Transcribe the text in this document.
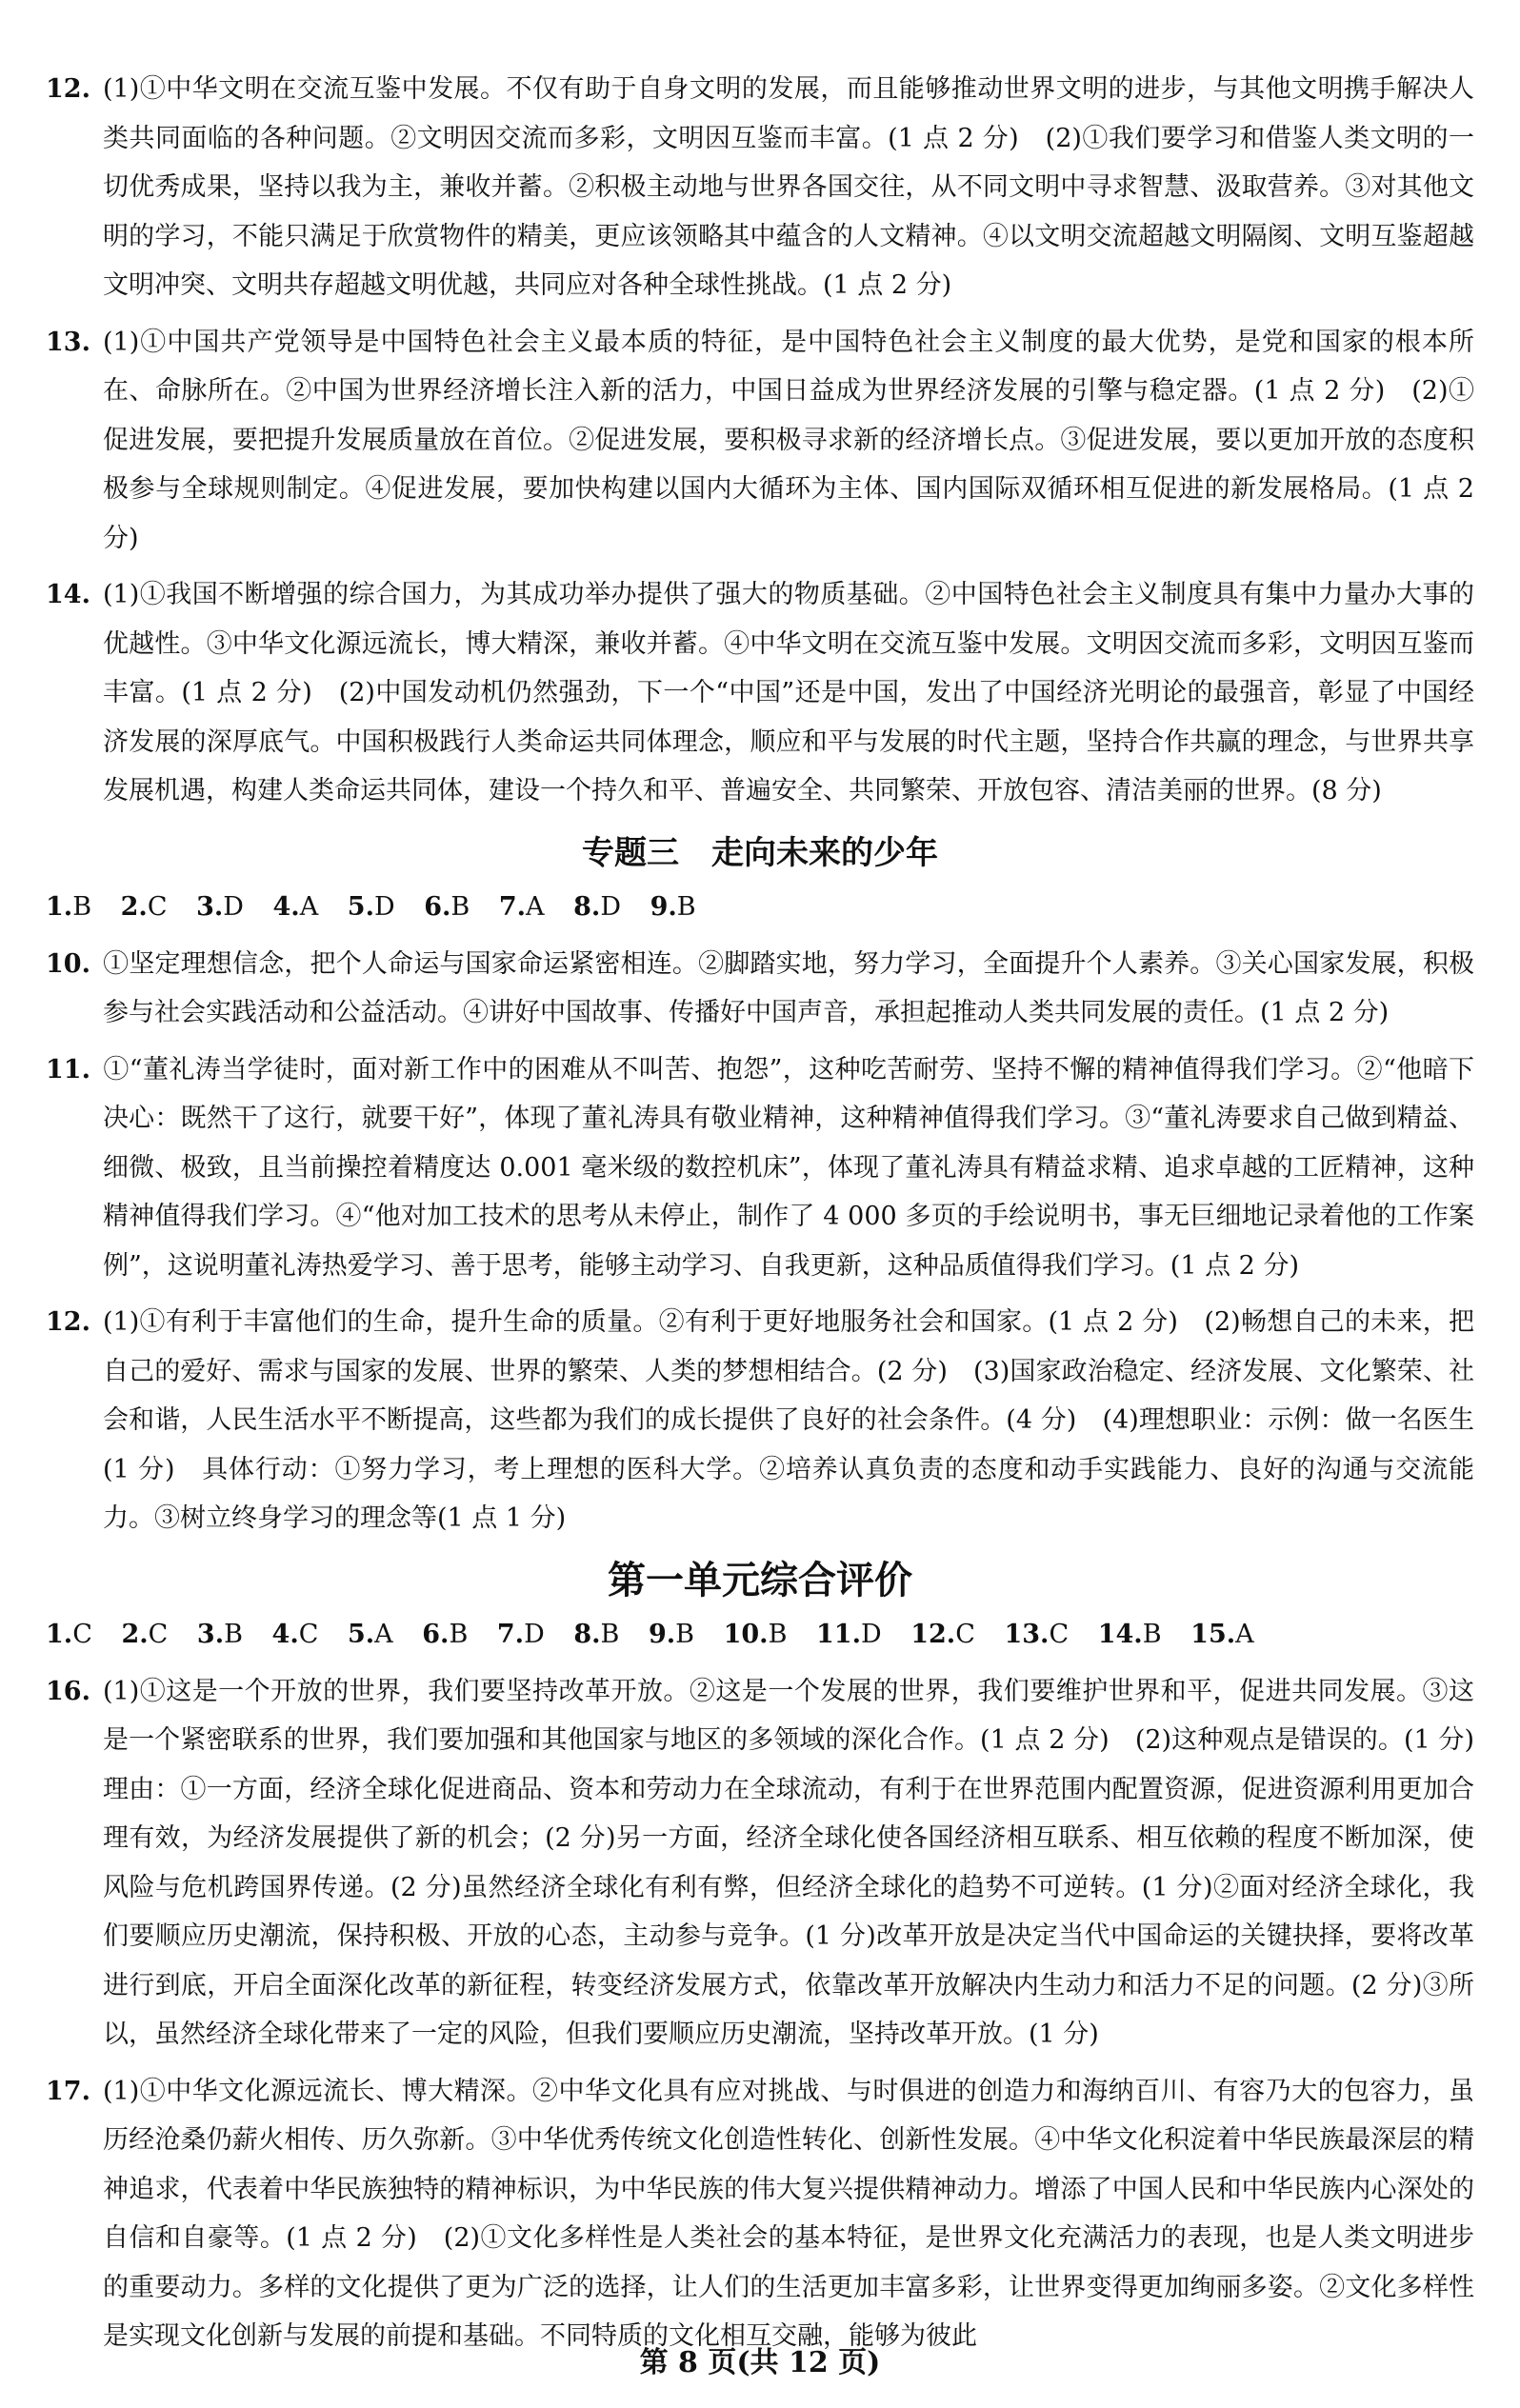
12. (1)①中华文明在交流互鉴中发展。不仅有助于自身文明的发展，而且能够推动世界文明的进步，与其他文明携手解决人类共同面临的各种问题。②文明因交流而多彩，文明因互鉴而丰富。(1 点 2 分)　(2)①我们要学习和借鉴人类文明的一切优秀成果，坚持以我为主，兼收并蓄。②积极主动地与世界各国交往，从不同文明中寻求智慧、汲取营养。③对其他文明的学习，不能只满足于欣赏物件的精美，更应该领略其中蕴含的人文精神。④以文明交流超越文明隔阂、文明互鉴超越文明冲突、文明共存超越文明优越，共同应对各种全球性挑战。(1 点 2 分)
13. (1)①中国共产党领导是中国特色社会主义最本质的特征，是中国特色社会主义制度的最大优势，是党和国家的根本所在、命脉所在。②中国为世界经济增长注入新的活力，中国日益成为世界经济发展的引擎与稳定器。(1 点 2 分)　(2)①促进发展，要把提升发展质量放在首位。②促进发展，要积极寻求新的经济增长点。③促进发展，要以更加开放的态度积极参与全球规则制定。④促进发展，要加快构建以国内大循环为主体、国内国际双循环相互促进的新发展格局。(1 点 2 分)
14. (1)①我国不断增强的综合国力，为其成功举办提供了强大的物质基础。②中国特色社会主义制度具有集中力量办大事的优越性。③中华文化源远流长，博大精深，兼收并蓄。④中华文明在交流互鉴中发展。文明因交流而多彩，文明因互鉴而丰富。(1 点 2 分)　(2)中国发动机仍然强劲，下一个“中国”还是中国，发出了中国经济光明论的最强音，彰显了中国经济发展的深厚底气。中国积极践行人类命运共同体理念，顺应和平与发展的时代主题，坚持合作共赢的理念，与世界共享发展机遇，构建人类命运共同体，建设一个持久和平、普遍安全、共同繁荣、开放包容、清洁美丽的世界。(8 分)
专题三　走向未来的少年
1.B 2.C 3.D 4.A 5.D 6.B 7.A 8.D 9.B
10. ①坚定理想信念，把个人命运与国家命运紧密相连。②脚踏实地，努力学习，全面提升个人素养。③关心国家发展，积极参与社会实践活动和公益活动。④讲好中国故事、传播好中国声音，承担起推动人类共同发展的责任。(1 点 2 分)
11. ①“董礼涛当学徒时，面对新工作中的困难从不叫苦、抱怨”，这种吃苦耐劳、坚持不懈的精神值得我们学习。②“他暗下决心：既然干了这行，就要干好”，体现了董礼涛具有敬业精神，这种精神值得我们学习。③“董礼涛要求自己做到精益、细微、极致，且当前操控着精度达 0.001 毫米级的数控机床”，体现了董礼涛具有精益求精、追求卓越的工匠精神，这种精神值得我们学习。④“他对加工技术的思考从未停止，制作了 4 000 多页的手绘说明书，事无巨细地记录着他的工作案例”，这说明董礼涛热爱学习、善于思考，能够主动学习、自我更新，这种品质值得我们学习。(1 点 2 分)
12. (1)①有利于丰富他们的生命，提升生命的质量。②有利于更好地服务社会和国家。(1 点 2 分)　(2)畅想自己的未来，把自己的爱好、需求与国家的发展、世界的繁荣、人类的梦想相结合。(2 分)　(3)国家政治稳定、经济发展、文化繁荣、社会和谐，人民生活水平不断提高，这些都为我们的成长提供了良好的社会条件。(4 分)　(4)理想职业：示例：做一名医生(1 分)　具体行动：①努力学习，考上理想的医科大学。②培养认真负责的态度和动手实践能力、良好的沟通与交流能力。③树立终身学习的理念等(1 点 1 分)
第一单元综合评价
1.C 2.C 3.B 4.C 5.A 6.B 7.D 8.B 9.B 10.B 11.D 12.C 13.C 14.B 15.A
16. (1)①这是一个开放的世界，我们要坚持改革开放。②这是一个发展的世界，我们要维护世界和平，促进共同发展。③这是一个紧密联系的世界，我们要加强和其他国家与地区的多领域的深化合作。(1 点 2 分)　(2)这种观点是错误的。(1 分)理由：①一方面，经济全球化促进商品、资本和劳动力在全球流动，有利于在世界范围内配置资源，促进资源利用更加合理有效，为经济发展提供了新的机会；(2 分)另一方面，经济全球化使各国经济相互联系、相互依赖的程度不断加深，使风险与危机跨国界传递。(2 分)虽然经济全球化有利有弊，但经济全球化的趋势不可逆转。(1 分)②面对经济全球化，我们要顺应历史潮流，保持积极、开放的心态，主动参与竞争。(1 分)改革开放是决定当代中国命运的关键抉择，要将改革进行到底，开启全面深化改革的新征程，转变经济发展方式，依靠改革开放解决内生动力和活力不足的问题。(2 分)③所以，虽然经济全球化带来了一定的风险，但我们要顺应历史潮流，坚持改革开放。(1 分)
17. (1)①中华文化源远流长、博大精深。②中华文化具有应对挑战、与时俱进的创造力和海纳百川、有容乃大的包容力，虽历经沧桑仍薪火相传、历久弥新。③中华优秀传统文化创造性转化、创新性发展。④中华文化积淀着中华民族最深层的精神追求，代表着中华民族独特的精神标识，为中华民族的伟大复兴提供精神动力。增添了中国人民和中华民族内心深处的自信和自豪等。(1 点 2 分)　(2)①文化多样性是人类社会的基本特征，是世界文化充满活力的表现，也是人类文明进步的重要动力。多样的文化提供了更为广泛的选择，让人们的生活更加丰富多彩，让世界变得更加绚丽多姿。②文化多样性是实现文化创新与发展的前提和基础。不同特质的文化相互交融，能够为彼此
第 8 页(共 12 页)
